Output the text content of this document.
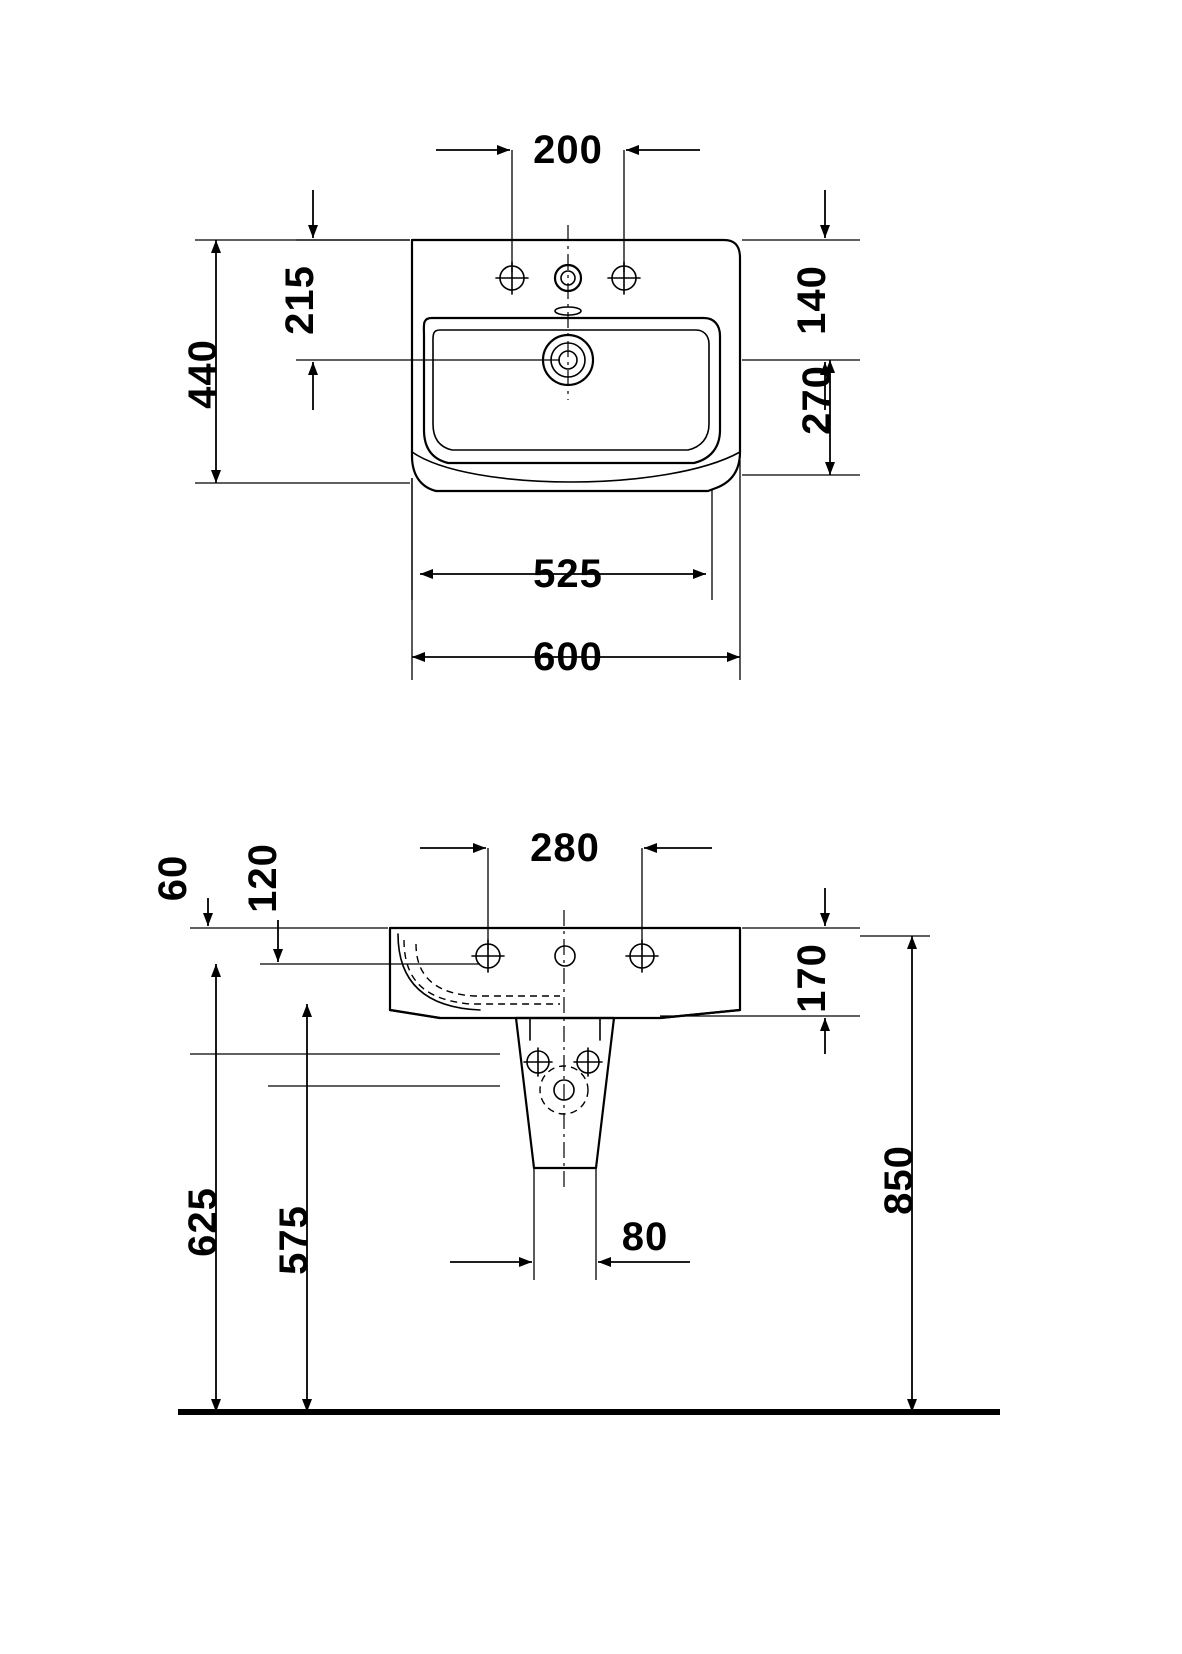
200
215
440
140
270
525
600
280
60 120
170
625 575
850
80
